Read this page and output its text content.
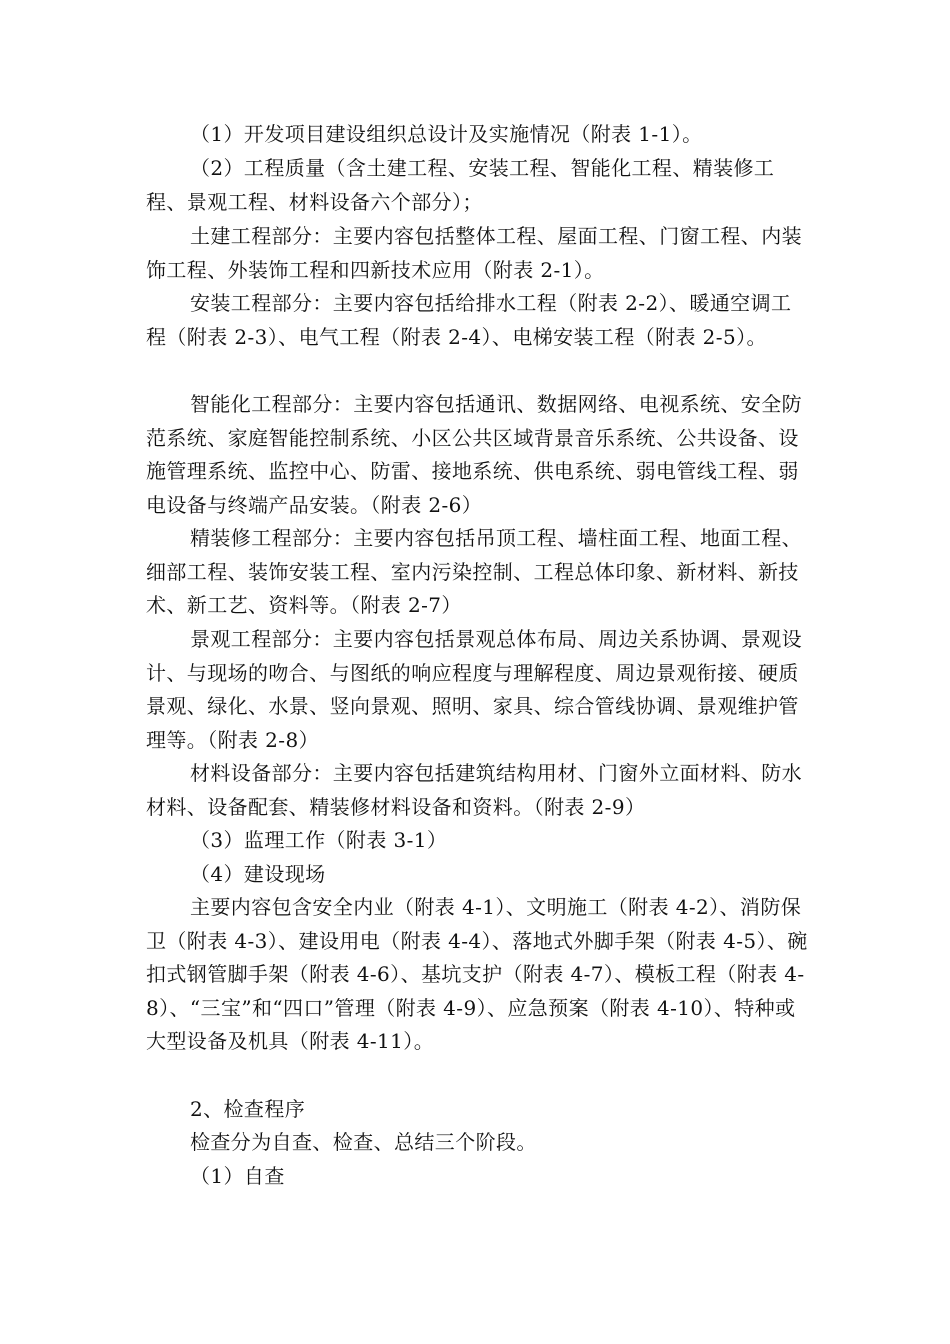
（1）开发项目建设组织总设计及实施情况（附表 1-1）。

（2）工程质量（含土建工程、安装工程、智能化工程、精装修工程、景观工程、材料设备六个部分）；

土建工程部分：主要内容包括整体工程、屋面工程、门窗工程、内装饰工程、外装饰工程和四新技术应用（附表 2-1）。

安装工程部分：主要内容包括给排水工程（附表 2-2）、暖通空调工程（附表 2-3）、电气工程（附表 2-4）、电梯安装工程（附表 2-5）。

智能化工程部分：主要内容包括通讯、数据网络、电视系统、安全防范系统、家庭智能控制系统、小区公共区域背景音乐系统、公共设备、设施管理系统、监控中心、防雷、接地系统、供电系统、弱电管线工程、弱电设备与终端产品安装。（附表 2-6）

精装修工程部分：主要内容包括吊顶工程、墙柱面工程、地面工程、细部工程、装饰安装工程、室内污染控制、工程总体印象、新材料、新技术、新工艺、资料等。（附表 2-7）

景观工程部分：主要内容包括景观总体布局、周边关系协调、景观设计、与现场的吻合、与图纸的响应程度与理解程度、周边景观衔接、硬质景观、绿化、水景、竖向景观、照明、家具、综合管线协调、景观维护管理等。（附表 2-8）

材料设备部分：主要内容包括建筑结构用材、门窗外立面材料、防水材料、设备配套、精装修材料设备和资料。（附表 2-9）

（3）监理工作（附表 3-1）

（4）建设现场

主要内容包含安全内业（附表 4-1）、文明施工（附表 4-2）、消防保卫（附表 4-3）、建设用电（附表 4-4）、落地式外脚手架（附表 4-5）、碗扣式钢管脚手架（附表 4-6）、基坑支护（附表 4-7）、模板工程（附表 4-8）、“三宝”和“四口”管理（附表 4-9）、应急预案（附表 4-10）、特种或大型设备及机具（附表 4-11）。

2、检查程序

检查分为自查、检查、总结三个阶段。

（1）自查
